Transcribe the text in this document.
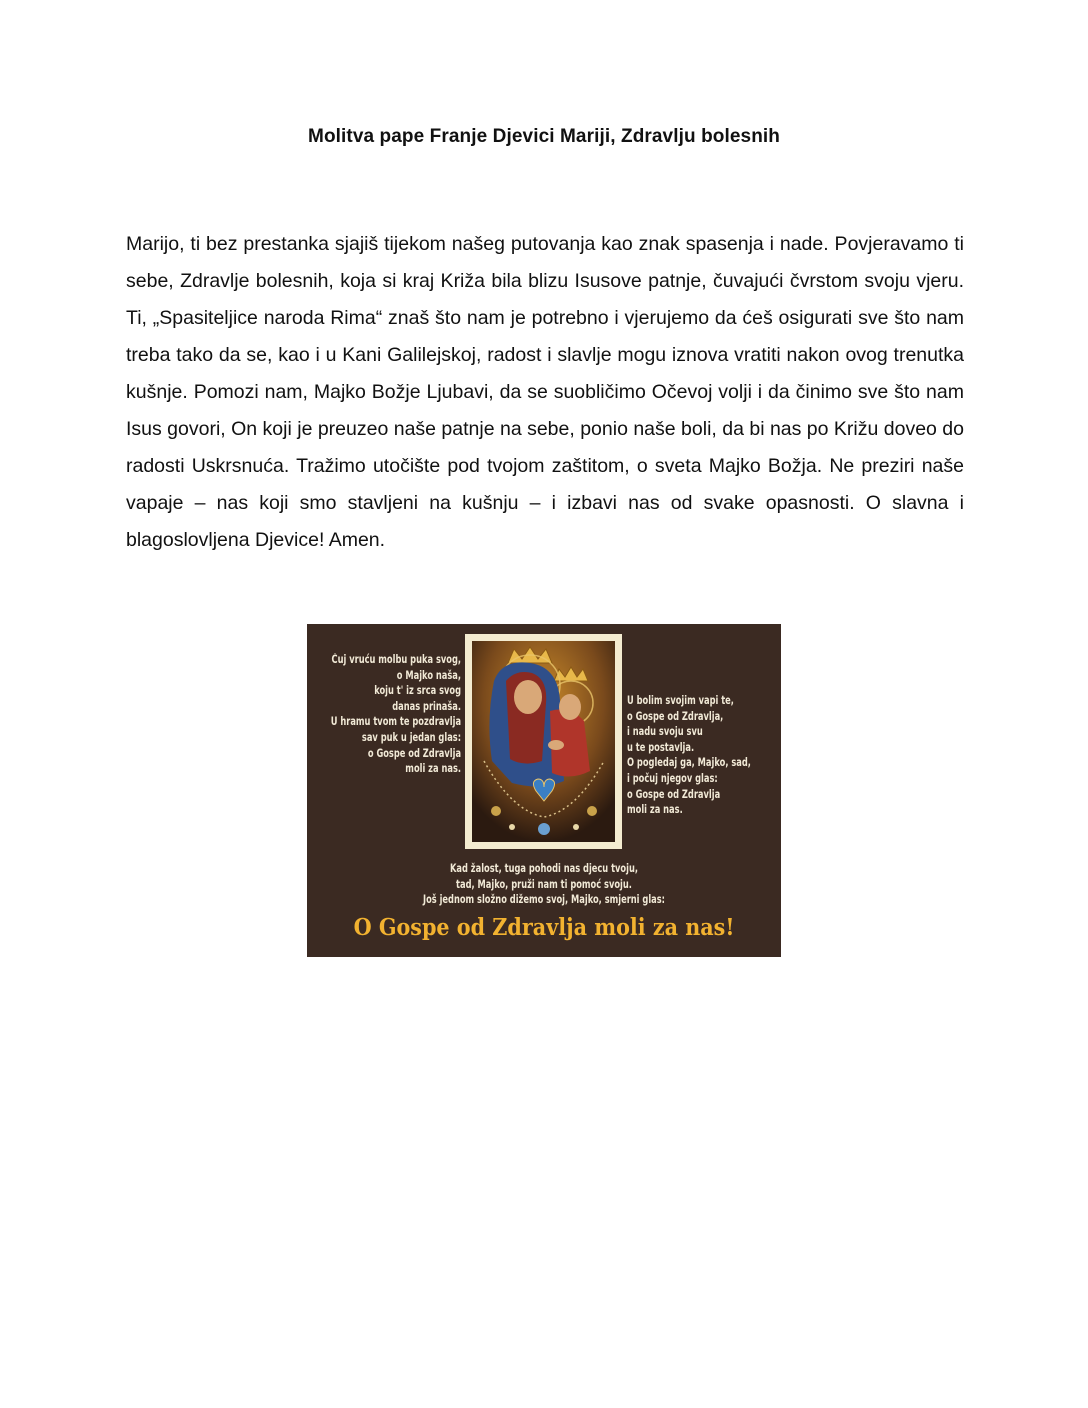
Molitva pape Franje Djevici Mariji, Zdravlju bolesnih

Marijo, ti bez prestanka sjajiš tijekom našeg putovanja kao znak spasenja i nade. Povjeravamo ti sebe, Zdravlje bolesnih, koja si kraj Križa bila blizu Isusove patnje, čuvajući čvrstom svoju vjeru. Ti, „Spasiteljice naroda Rima“ znaš što nam je potrebno i vjerujemo da ćeš osigurati sve što nam treba tako da se, kao i u Kani Galilejskoj, radost i slavlje mogu iznova vratiti nakon ovog trenutka kušnje. Pomozi nam, Majko Božje Ljubavi, da se suobličimo Očevoj volji i da činimo sve što nam Isus govori, On koji je preuzeo naše patnje na sebe, ponio naše boli, da bi nas po Križu doveo do radosti Uskrsnuća. Tražimo utočište pod tvojom zaštitom, o sveta Majko Božja. Ne preziri naše vapaje – nas koji smo stavljeni na kušnju – i izbavi nas od svake opasnosti. O slavna i blagoslovljena Djevice! Amen.

Čuj vruću molbu puka svog,
o Majko naša,
koju t' iz srca svog
danas prinaša.
U hramu tvom te pozdravlja
sav puk u jedan glas:
o Gospe od Zdravlja
moli za nas.
U bolim svojim vapi te,
o Gospe od Zdravlja,
i nadu svoju svu
u te postavlja.
O pogledaj ga, Majko, sad,
i počuj njegov glas:
o Gospe od Zdravlja
moli za nas.
Kad žalost, tuga pohodi nas djecu tvoju,
tad, Majko, pruži nam ti pomoć svoju.
Još jednom složno dižemo svoj, Majko, smjerni glas:
O Gospe od Zdravlja moli za nas!
